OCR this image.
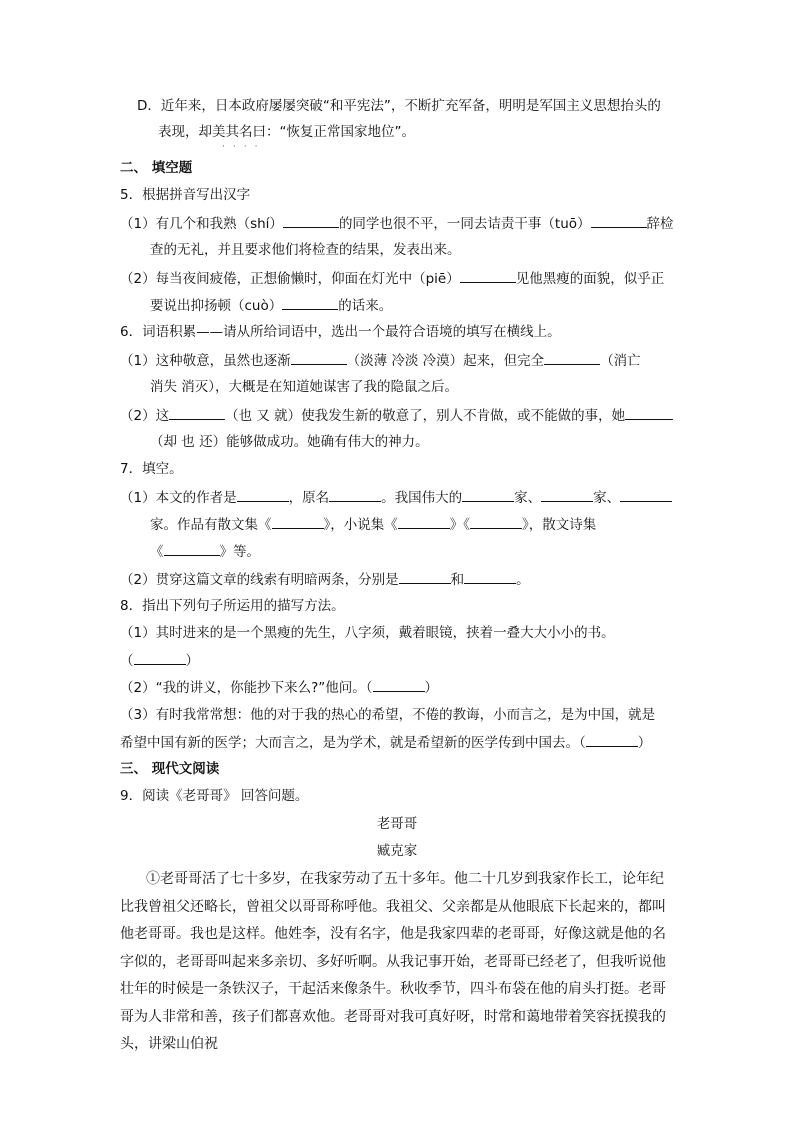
D．近年来，日本政府屡屡突破“和平宪法”，不断扩充军备，明明是军国主义思想抬头的
表现，却美其名曰：“恢复正常国家地位”。
····
二、 填空题
5．根据拼音写出汉字
（1）有几个和我熟（shí）	的同学也很不平，一同去诘责干事（tuō）	辞检
查的无礼，并且要求他们将检查的结果，发表出来。
（2）每当夜间疲倦，正想偷懒时，仰面在灯光中（piē）	见他黑瘦的面貌，似乎正
要说出抑扬顿（cuò）	的话来。
6．词语积累——请从所给词语中，选出一个最符合语境的填写在横线上。
（1）这种敬意，虽然也逐渐	（淡薄 冷淡 冷漠）起来，但完全	（消亡
消失 消灭），大概是在知道她谋害了我的隐鼠之后。
（2）这	（也 又 就）使我发生新的敬意了，别人不肯做，或不能做的事，她
（却 也 还）能够做成功。她确有伟大的神力。
7．填空。
（1）本文的作者是	，原名	。我国伟大的	家、	家、
家。作品有散文集《	》，小说集《	》《	》，散文诗集
《	》等。
（2）贯穿这篇文章的线索有明暗两条，分别是	和	。
8．指出下列句子所运用的描写方法。
（1）其时进来的是一个黑瘦的先生，八字须，戴着眼镜，挟着一叠大大小小的书。
（	）
（2）“我的讲义，你能抄下来么?”他问。（	）
（3）有时我常常想：他的对于我的热心的希望，不倦的教诲，小而言之，是为中国，就是
希望中国有新的医学；大而言之，是为学术，就是希望新的医学传到中国去。（	）
三、 现代文阅读
9．阅读《老哥哥》 回答问题。
老哥哥
臧克家
①老哥哥活了七十多岁，在我家劳动了五十多年。他二十几岁到我家作长工，论年纪比我曾祖父还略长，曾祖父以哥哥称呼他。我祖父、父亲都是从他眼底下长起来的，都叫他老哥哥。我也是这样。他姓李，没有名字，他是我家四辈的老哥哥，好像这就是他的名字似的，老哥哥叫起来多亲切、多好听啊。从我记事开始，老哥哥已经老了，但我听说他壮年的时候是一条铁汉子，干起活来像条牛。秋收季节，四斗布袋在他的肩头打挺。老哥哥为人非常和善，孩子们都喜欢他。老哥哥对我可真好呀，时常和蔼地带着笑容抚摸我的头，讲梁山伯祝
